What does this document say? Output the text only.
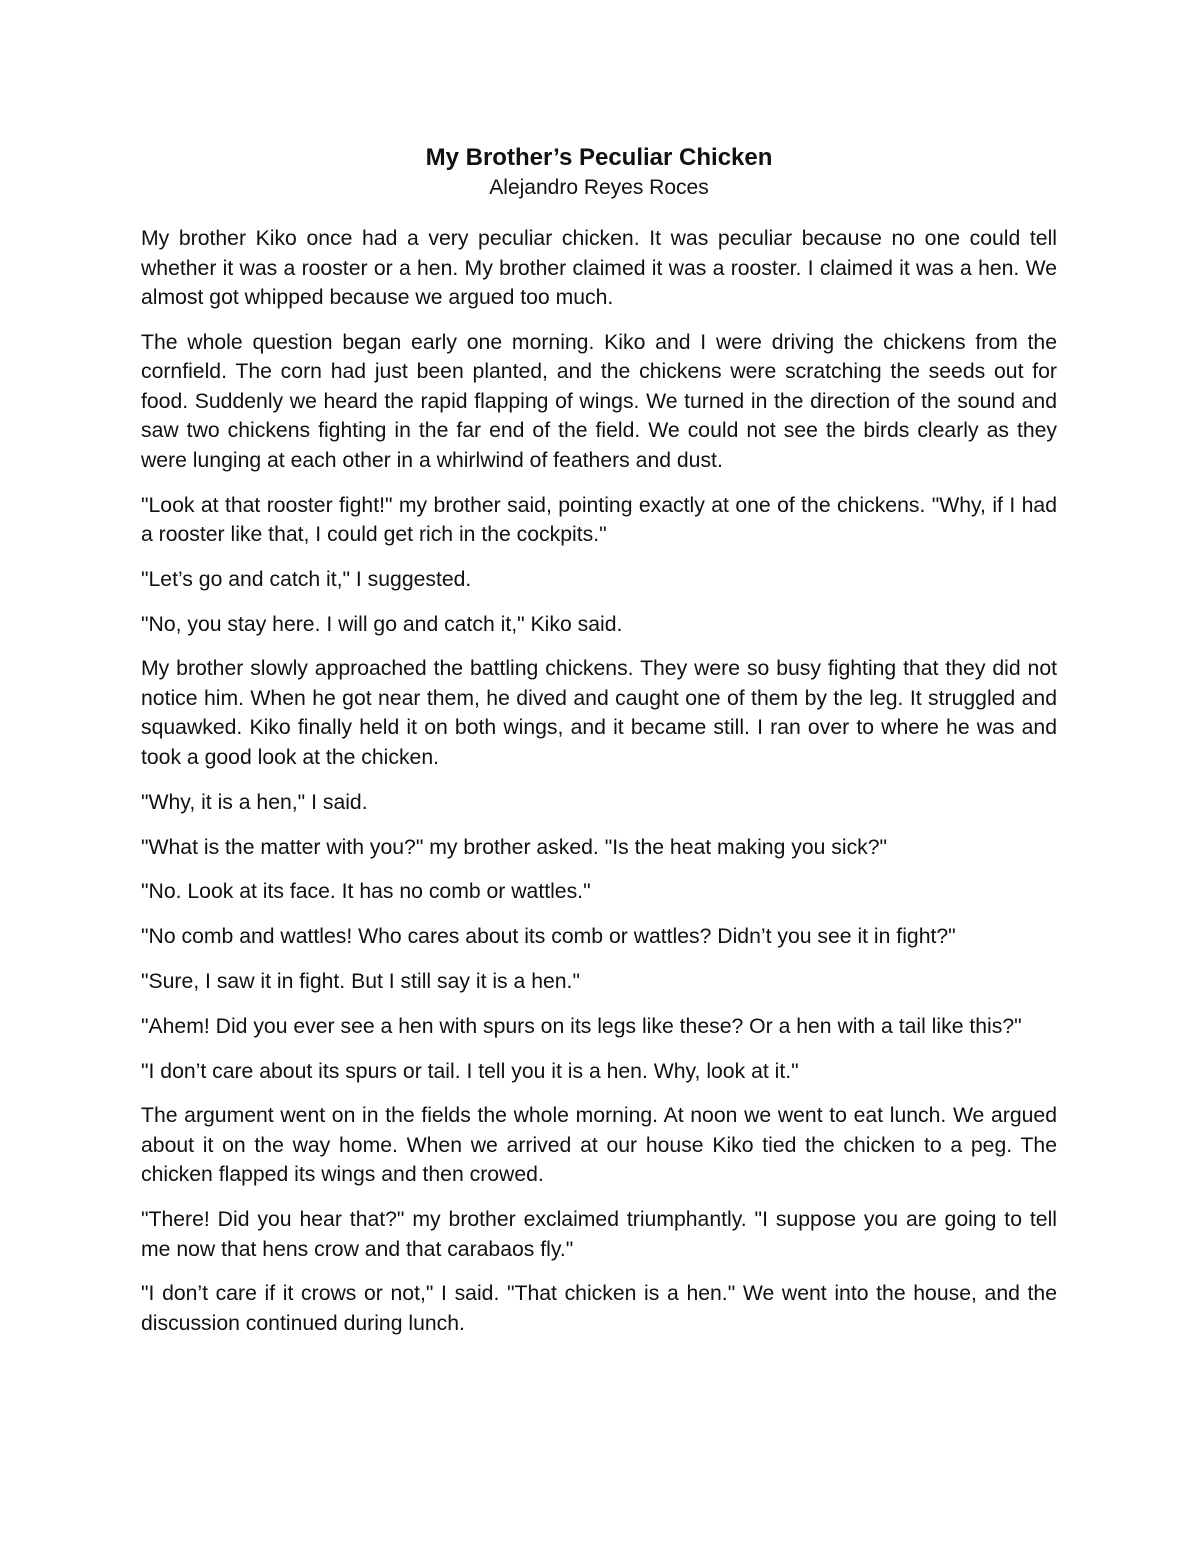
My Brother’s Peculiar Chicken
Alejandro Reyes Roces

My brother Kiko once had a very peculiar chicken. It was peculiar because no one could tell whether it was a rooster or a hen. My brother claimed it was a rooster. I claimed it was a hen. We almost got whipped because we argued too much.

The whole question began early one morning. Kiko and I were driving the chickens from the cornfield. The corn had just been planted, and the chickens were scratching the seeds out for food. Suddenly we heard the rapid flapping of wings. We turned in the direction of the sound and saw two chickens fighting in the far end of the field. We could not see the birds clearly as they were lunging at each other in a whirlwind of feathers and dust.

"Look at that rooster fight!" my brother said, pointing exactly at one of the chickens. "Why, if I had a rooster like that, I could get rich in the cockpits."

"Let’s go and catch it," I suggested.

"No, you stay here. I will go and catch it," Kiko said.

My brother slowly approached the battling chickens. They were so busy fighting that they did not notice him. When he got near them, he dived and caught one of them by the leg. It struggled and squawked. Kiko finally held it on both wings, and it became still. I ran over to where he was and took a good look at the chicken.

"Why, it is a hen," I said.

"What is the matter with you?" my brother asked. "Is the heat making you sick?"

"No. Look at its face. It has no comb or wattles."

"No comb and wattles! Who cares about its comb or wattles? Didn’t you see it in fight?"

"Sure, I saw it in fight. But I still say it is a hen."

"Ahem! Did you ever see a hen with spurs on its legs like these? Or a hen with a tail like this?"

"I don’t care about its spurs or tail. I tell you it is a hen. Why, look at it."

The argument went on in the fields the whole morning. At noon we went to eat lunch. We argued about it on the way home. When we arrived at our house Kiko tied the chicken to a peg. The chicken flapped its wings and then crowed.

"There! Did you hear that?" my brother exclaimed triumphantly. "I suppose you are going to tell me now that hens crow and that carabaos fly."

"I don’t care if it crows or not," I said. "That chicken is a hen." We went into the house, and the discussion continued during lunch.
